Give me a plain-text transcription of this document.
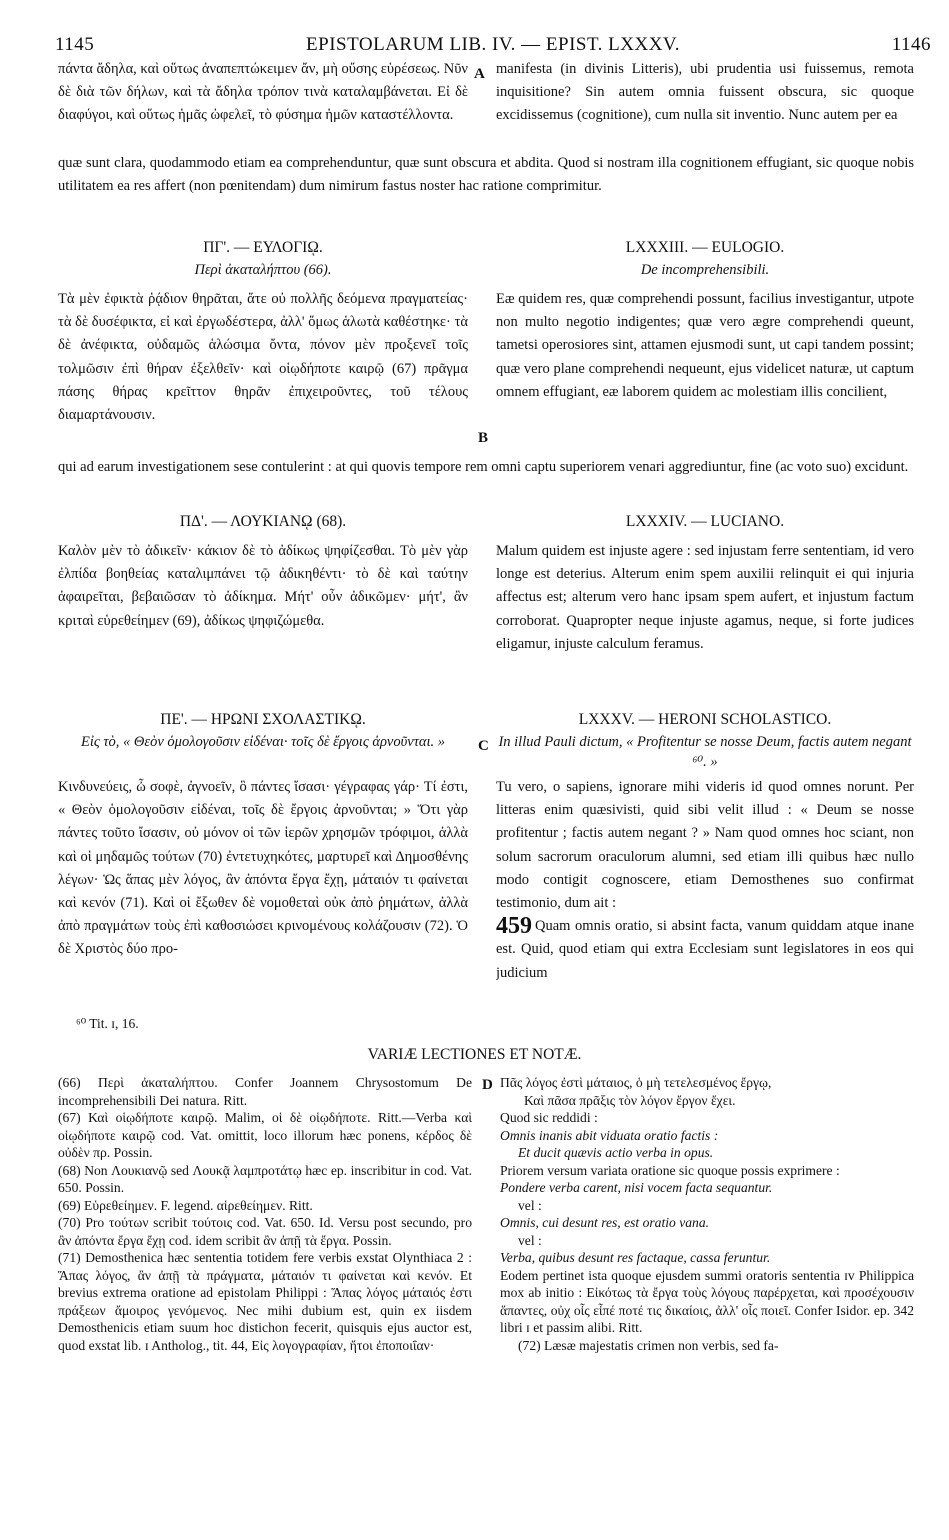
1145	EPISTOLARUM LIB. IV. — EPIST. LXXXV.	1146
A
B
C
D

πάντα ἄδηλα, καὶ οὕτως ἀναπεπτώκειμεν ἄν, μὴ οὔσης εὑρέσεως. Νῦν δὲ διὰ τῶν δήλων, καὶ τὰ ἄδηλα τρόπον τινὰ καταλαμβάνεται. Εἰ δὲ διαφύγοι, καὶ οὕτως ἡμᾶς ὠφελεῖ, τὸ φύσημα ἡμῶν καταστέλλοντα.

manifesta (in divinis Litteris), ubi prudentia usi fuissemus, remota inquisitione? Sin autem omnia fuissent obscura, sic quoque excidissemus (cognitione), cum nulla sit inventio. Nunc autem per ea

quæ sunt clara, quodammodo etiam ea comprehenduntur, quæ sunt obscura et abdita. Quod si nostram illa cognitionem effugiant, sic quoque nobis utilitatem ea res affert (non pœnitendam) dum nimirum fastus noster hac ratione comprimitur.

ΠΓ'. — ΕΥΛΟΓΙῼ.
Περὶ ἀκαταλήπτου (66).
LXXXIII. — EULOGIO.
De incomprehensibili.

Τὰ μὲν ἐφικτὰ ῥᾴδιον θηρᾶται, ἅτε οὐ πολλῆς δεόμενα πραγματείας· τὰ δὲ δυσέφικτα, εἰ καὶ ἐργωδέστερα, ἀλλ' ὅμως ἁλωτὰ καθέστηκε· τὰ δὲ ἀνέφικτα, οὐδαμῶς ἁλώσιμα ὄντα, πόνον μὲν προξενεῖ τοῖς τολμῶσιν ἐπὶ θήραν ἐξελθεῖν· καὶ οἱῳδήποτε καιρῷ (67) πρᾶγμα πάσης θήρας κρεῖττον θηρᾶν ἐπιχειροῦντες, τοῦ τέλους διαμαρτάνουσιν.

Eæ quidem res, quæ comprehendi possunt, facilius investigantur, utpote non multo negotio indigentes; quæ vero ægre comprehendi queunt, tametsi operosiores sint, attamen ejusmodi sunt, ut capi tandem possint; quæ vero plane comprehendi nequeunt, ejus videlicet naturæ, ut captum omnem effugiant, eæ laborem quidem ac molestiam illis concilient,

qui ad earum investigationem sese contulerint : at qui quovis tempore rem omni captu superiorem venari aggrediuntur, fine (ac voto suo) excidunt.

ΠΔ'. — ΛΟΥΚΙΑΝῼ (68).	LXXXIV. — LUCIANO.

Καλὸν μὲν τὸ ἀδικεῖν· κάκιον δὲ τὸ ἀδίκως ψηφίζεσθαι. Τὸ μὲν γὰρ ἐλπίδα βοηθείας καταλιμπάνει τῷ ἀδικηθέντι· τὸ δὲ καὶ ταύτην ἀφαιρεῖται, βεβαιῶσαν τὸ ἀδίκημα. Μήτ' οὖν ἀδικῶμεν· μήτ', ἂν κριταὶ εὑρεθείημεν (69), ἀδίκως ψηφιζώμεθα.

Malum quidem est injuste agere : sed injustam ferre sententiam, id vero longe est deterius. Alterum enim spem auxilii relinquit ei qui injuria affectus est; alterum vero hanc ipsam spem aufert, et injustum factum corroborat. Quapropter neque injuste agamus, neque, si forte judices eligamur, injuste calculum feramus.

ΠΕ'. — ΗΡΩΝΙ ΣΧΟΛΑΣΤΙΚῼ.	LXXXV. — HERONI SCHOLASTICO.
Εἰς τὸ, « Θεὸν ὁμολογοῦσιν εἰδέναι· τοῖς δὲ ἔργοις ἀρνοῦνται. »	In illud Pauli dictum, « Profitentur se nosse Deum, factis autem negant ⁶⁰. »

Κινδυνεύεις, ὦ σοφὲ, ἀγνοεῖν, ὃ πάντες ἴσασι· γέγραφας γάρ· Τί ἐστι, « Θεὸν ὁμολογοῦσιν εἰδέναι, τοῖς δὲ ἔργοις ἀρνοῦνται; » Ὅτι γὰρ πάντες τοῦτο ἴσασιν, οὐ μόνον οἱ τῶν ἱερῶν χρησμῶν τρόφιμοι, ἀλλὰ καὶ οἱ μηδαμῶς τούτων (70) ἐντετυχηκότες, μαρτυρεῖ καὶ Δημοσθένης λέγων· Ὡς ἅπας μὲν λόγος, ἂν ἀπόντα ἔργα ἔχῃ, μάταιόν τι φαίνεται καὶ κενόν (71). Καὶ οἱ ἔξωθεν δὲ νομοθεταὶ οὐκ ἀπὸ ῥημάτων, ἀλλὰ ἀπὸ πραγμάτων τοὺς ἐπὶ καθοσιώσει κρινομένους κολάζουσιν (72). Ὁ δὲ Χριστὸς δύο προ-

⁶⁰ Tit. ɪ, 16.

Tu vero, o sapiens, ignorare mihi videris id quod omnes norunt. Per litteras enim quæsivisti, quid sibi velit illud : « Deum se nosse profitentur ; factis autem negant ? » Nam quod omnes hoc sciant, non solum sacrorum oraculorum alumni, sed etiam illi quibus hæc nullo modo contigit cognoscere, etiam Demosthenes suo confirmat testimonio, dum ait :

459 Quam omnis oratio, si absint facta, vanum quiddam atque inane est. Quid, quod etiam qui extra Ecclesiam sunt legislatores in eos qui judicium

VARIÆ LECTIONES ET NOTÆ.

(66) Περὶ ἀκαταλήπτου. Confer Joannem Chrysostomum De incomprehensibili Dei natura. Ritt.

(67) Καὶ οἱῳδήποτε καιρῷ. Malim, οἱ δὲ οἱῳδήποτε. Ritt.—Verba καὶ οἱῳδήποτε καιρῷ cod. Vat. omittit, loco illorum hæc ponens, κέρδος δὲ οὐδὲν πρ. Possin.

(68) Non Λουκιανῷ sed Λουκᾷ λαμπροτάτῳ hæc ep. inscribitur in cod. Vat. 650. Possin.

(69) Εὑρεθείημεν. F. legend. αἱρεθείημεν. Ritt.

(70) Pro τούτων scribit τούτοις cod. Vat. 650. Id. Versu post secundo, pro ἂν ἀπόντα ἔργα ἔχῃ cod. idem scribit ἂν ἀπῇ τὰ ἔργα. Possin.

(71) Demosthenica hæc sententia totidem fere verbis exstat Olynthiaca 2 : Ἅπας λόγος, ἂν ἀπῇ τὰ πράγματα, μάταιόν τι φαίνεται καὶ κενόν. Et brevius extrema oratione ad epistolam Philippi : Ἅπας λόγος μάταιός ἐστι πράξεων ἄμοιρος γενόμενος. Nec mihi dubium est, quin ex iisdem Demosthenicis etiam suum hoc distichon fecerit, quisquis ejus auctor est, quod exstat lib. ɪ Antholog., tit. 44, Εἰς λογογραφίαν, ἤτοι ἐποποιΐαν·

Πᾶς λόγος ἐστὶ μάταιος, ὁ μὴ τετελεσμένος ἔργῳ,

Καὶ πᾶσα πρᾶξις τὸν λόγον ἔργον ἔχει.

Quod sic reddidi :

Omnis inanis abit viduata oratio factis :

Et ducit quævis actio verba in opus.

Priorem versum variata oratione sic quoque possis exprimere :

Pondere verba carent, nisi vocem facta sequantur.

vel :

Omnis, cui desunt res, est oratio vana.

vel :

Verba, quibus desunt res factaque, cassa feruntur.

Eodem pertinet ista quoque ejusdem summi oratoris sententia ɪv Philippica mox ab initio : Εἰκότως τὰ ἔργα τοὺς λόγους παρέρχεται, καὶ προσέχουσιν ἅπαντες, οὐχ οἷς εἶπέ ποτέ τις δικαίοις, ἀλλ' οἷς ποιεῖ. Confer Isidor. ep. 342 libri ɪ et passim alibi. Ritt.

(72) Læsæ majestatis crimen non verbis, sed fa-
